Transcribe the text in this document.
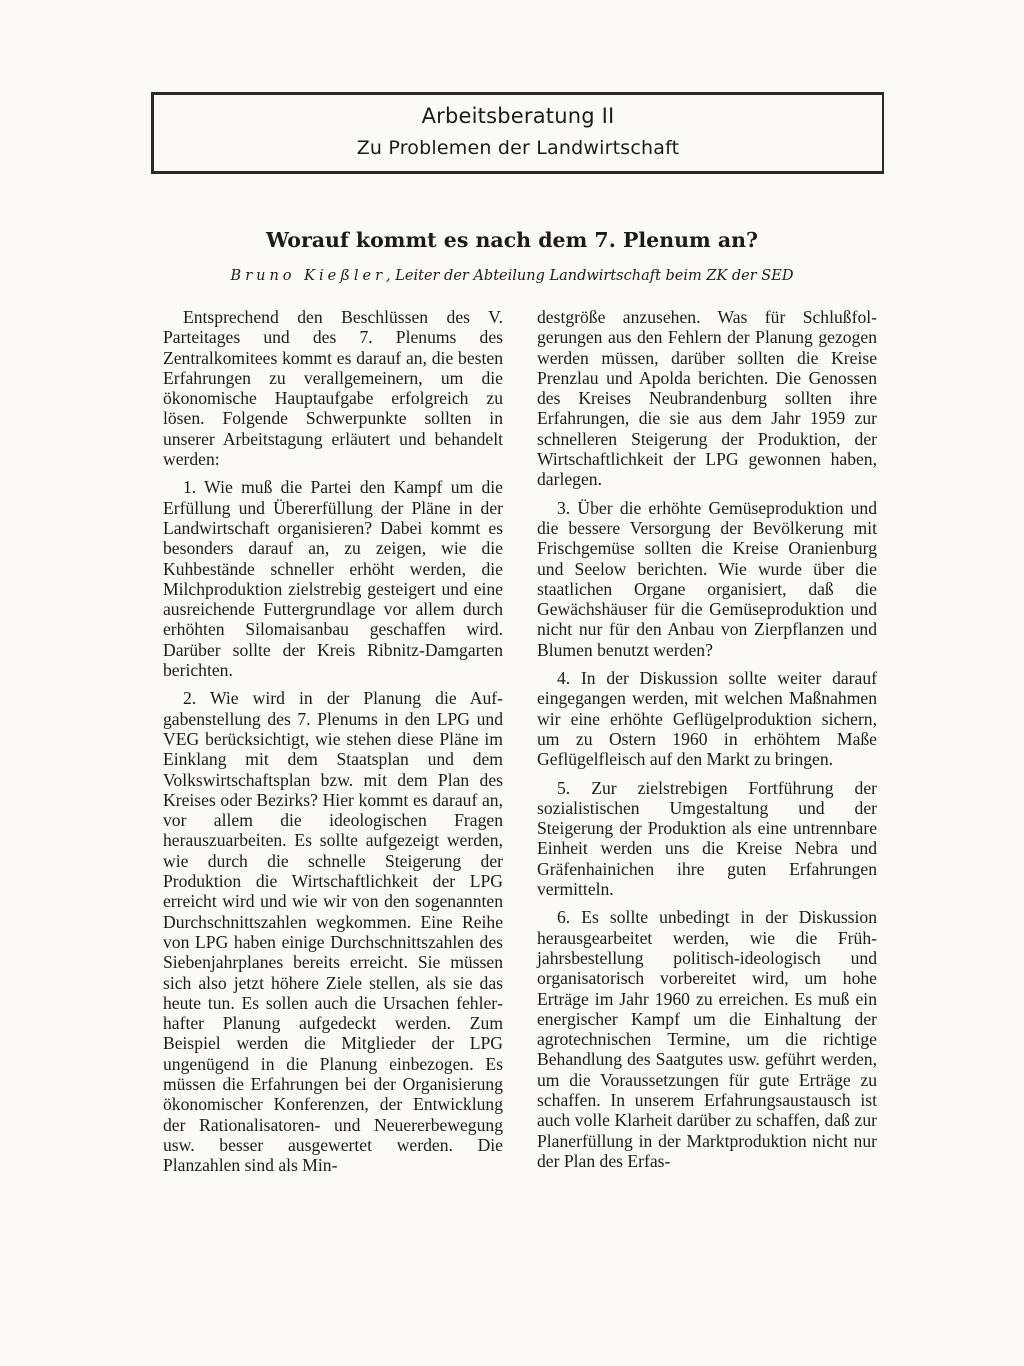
Arbeitsberatung II
Zu Problemen der Landwirtschaft
Worauf kommt es nach dem 7. Plenum an?
Bruno Kießler, Leiter der Abteilung Landwirtschaft beim ZK der SED

Entsprechend den Beschlüssen des V. Parteitages und des 7. Plenums des Zentralkomitees kommt es darauf an, die besten Erfahrungen zu verallgemeinern, um die ökonomische Hauptaufgabe erfolgreich zu lösen. Folgende Schwerpunkte sollten in unserer Arbeitstagung erläutert und behandelt werden:

1. Wie muß die Partei den Kampf um die Erfüllung und Übererfüllung der Pläne in der Landwirtschaft organisieren? Dabei kommt es besonders darauf an, zu zeigen, wie die Kuhbestände schneller erhöht werden, die Milchproduktion zielstrebig gesteigert und eine ausreichende Futtergrundlage vor allem durch erhöhten Silomaisanbau geschaffen wird. Darüber sollte der Kreis Ribnitz-Damgarten berichten.

2. Wie wird in der Planung die Aufgabenstellung des 7. Plenums in den LPG und VEG berücksichtigt, wie stehen diese Pläne im Einklang mit dem Staatsplan und dem Volkswirtschaftsplan bzw. mit dem Plan des Kreises oder Bezirks? Hier kommt es darauf an, vor allem die ideologischen Fragen herauszuarbeiten. Es sollte aufgezeigt werden, wie durch die schnelle Steigerung der Produktion die Wirtschaftlichkeit der LPG erreicht wird und wie wir von den sogenannten Durchschnittszahlen wegkommen. Eine Reihe von LPG haben einige Durchschnittszahlen des Siebenjahrplanes bereits erreicht. Sie müssen sich also jetzt höhere Ziele stellen, als sie das heute tun. Es sollen auch die Ursachen fehlerhafter Planung aufgedeckt werden. Zum Beispiel werden die Mitglieder der LPG ungenügend in die Planung einbezogen. Es müssen die Erfahrungen bei der Organisierung ökonomischer Konferenzen, der Entwicklung der Rationalisatoren- und Neuererbewegung usw. besser ausgewertet werden. Die Planzahlen sind als Min-

destgröße anzusehen. Was für Schlußfolgerungen aus den Fehlern der Planung gezogen werden müssen, darüber sollten die Kreise Prenzlau und Apolda berichten. Die Genossen des Kreises Neubrandenburg sollten ihre Erfahrungen, die sie aus dem Jahr 1959 zur schnelleren Steigerung der Produktion, der Wirtschaftlichkeit der LPG gewonnen haben, darlegen.

3. Über die erhöhte Gemüseproduktion und die bessere Versorgung der Bevölkerung mit Frischgemüse sollten die Kreise Oranienburg und Seelow berichten. Wie wurde über die staatlichen Organe organisiert, daß die Gewächshäuser für die Gemüseproduktion und nicht nur für den Anbau von Zierpflanzen und Blumen benutzt werden?

4. In der Diskussion sollte weiter darauf eingegangen werden, mit welchen Maßnahmen wir eine erhöhte Geflügelproduktion sichern, um zu Ostern 1960 in erhöhtem Maße Geflügelfleisch auf den Markt zu bringen.

5. Zur zielstrebigen Fortführung der sozialistischen Umgestaltung und der Steigerung der Produktion als eine untrennbare Einheit werden uns die Kreise Nebra und Gräfenhainichen ihre guten Erfahrungen vermitteln.

6. Es sollte unbedingt in der Diskussion herausgearbeitet werden, wie die Frühjahrsbestellung politisch-ideologisch und organisatorisch vorbereitet wird, um hohe Erträge im Jahr 1960 zu erreichen. Es muß ein energischer Kampf um die Einhaltung der agrotechnischen Termine, um die richtige Behandlung des Saatgutes usw. geführt werden, um die Voraussetzungen für gute Erträge zu schaffen. In unserem Erfahrungsaustausch ist auch volle Klarheit darüber zu schaffen, daß zur Planerfüllung in der Marktproduktion nicht nur der Plan des Erfas-
